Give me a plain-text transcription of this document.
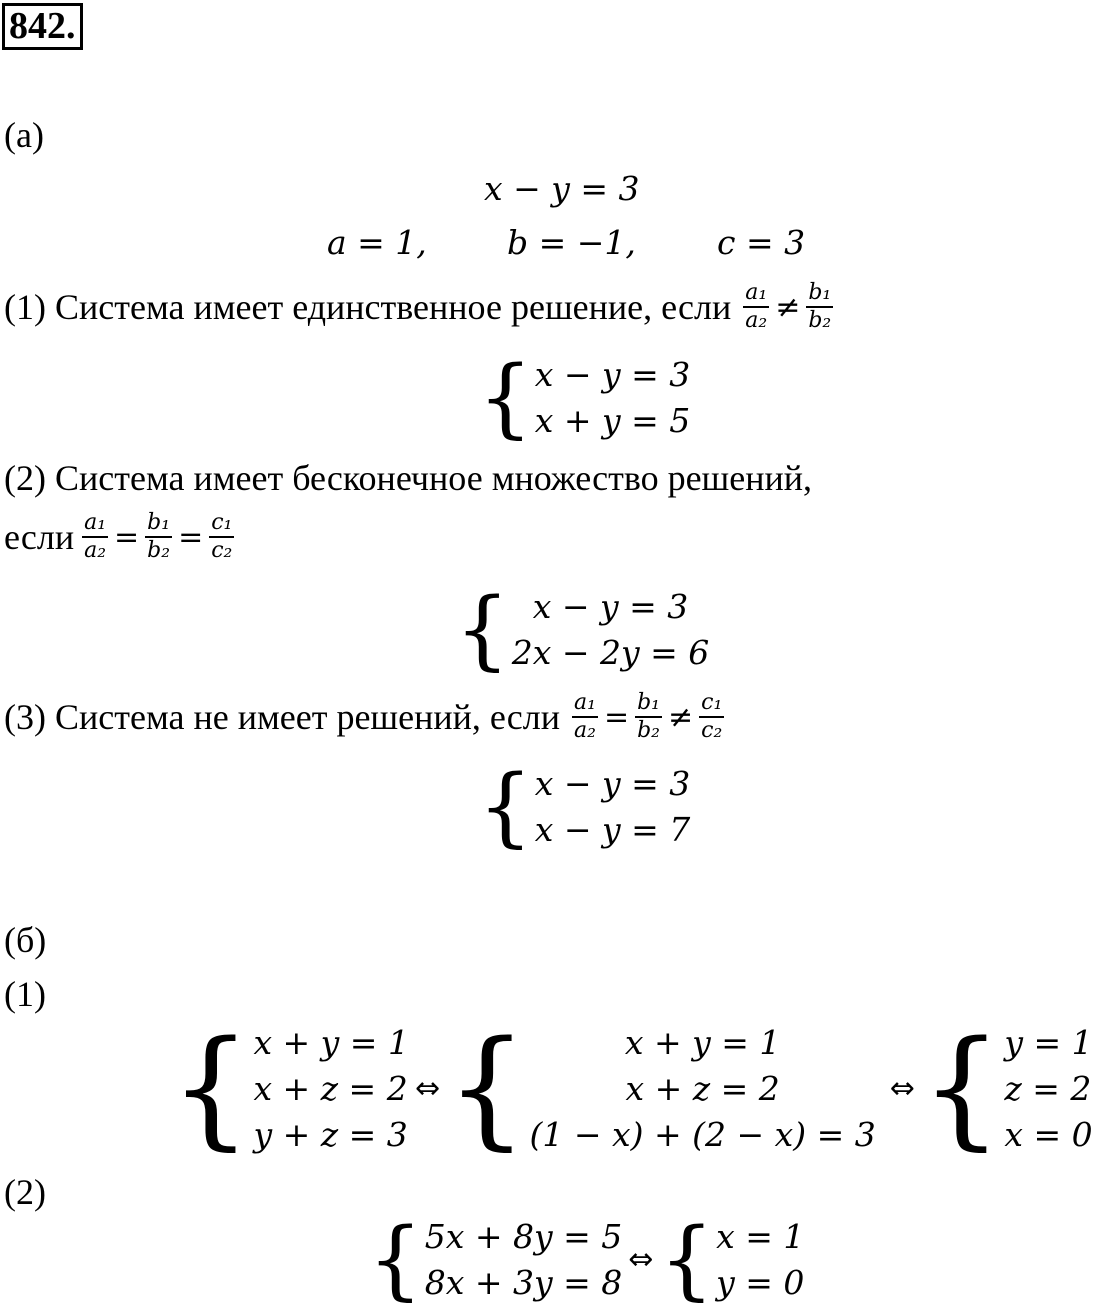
842.
(а)
x − y = 3
a = 1, b = −1, c = 3
(1) Система имеет единственное решение, если $\frac{\text{a₁}}{\text{a₂}} \ne \frac{\text{b₁}}{\text{b₂}}$
{ x − y = 3
x + y = 5
(2) Система имеет бесконечное множество решений,
если $\frac{\text{a₁}}{\text{a₂}} = \frac{\text{b₁}}{\text{b₂}} = \frac{\text{c₁}}{\text{c₂}}$
{ x − y = 3
2x − 2y = 6
(3) Система не имеет решений, если $\frac{\text{a₁}}{\text{a₂}} = \frac{\text{b₁}}{\text{b₂}} \ne \frac{\text{c₁}}{\text{c₂}}$
{ x − y = 3
x − y = 7
(б)
(1)
{ x + y = 1
x + z = 2
y + z = 3
⇔ {	x + y = 1
x + z = 2
(1 − x) + (2 − x) = 3
⇔ { y = 1
z = 2
x = 0
(2)
{ 5x + 8y = 5
8x + 3y = 8
⇔ { x = 1
y = 0
